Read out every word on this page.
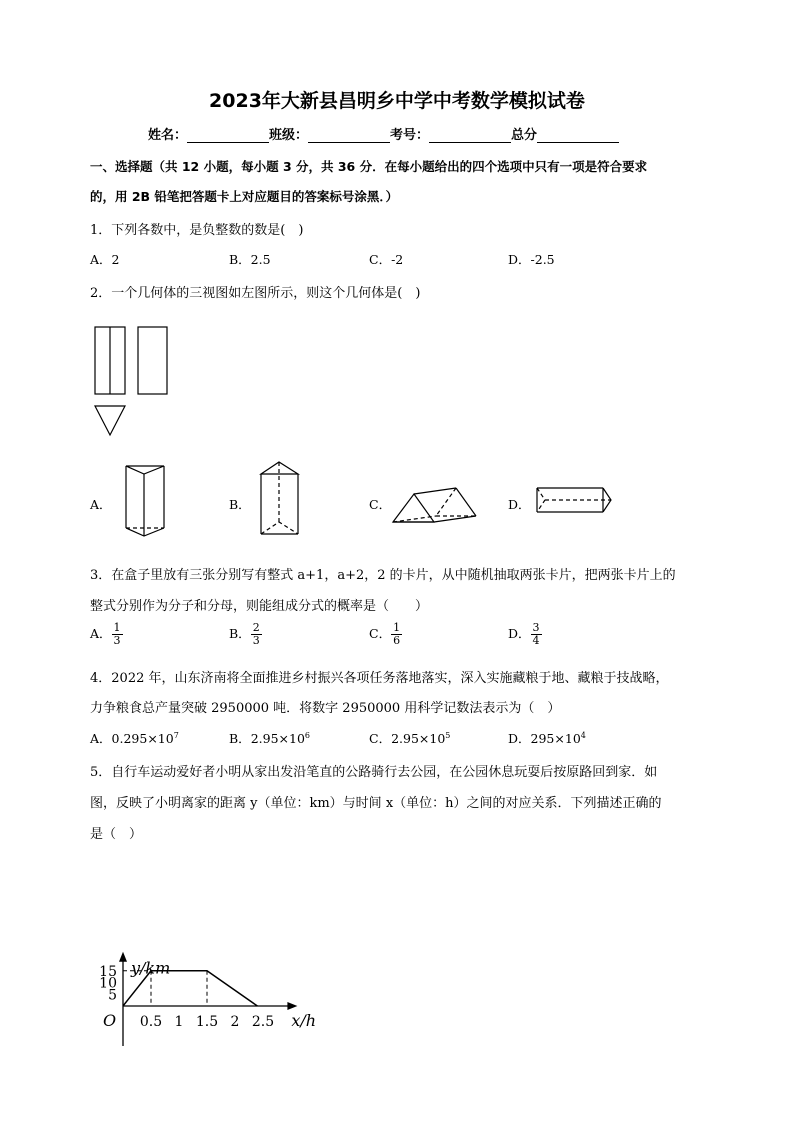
2023年大新县昌明乡中学中考数学模拟试卷
姓名：	班级：	考号：	总分
一、选择题（共 12 小题，每小题 3 分，共 36 分．在每小题给出的四个选项中只有一项是符合要求
的，用 2B 铅笔把答题卡上对应题目的答案标号涂黑．）
1．下列各数中，是负整数的数是(　)
A．2	B．2.5	C．-2	D．-2.5
2．一个几何体的三视图如左图所示，则这个几何体是(　)
A．	B．	C．	D．
3．在盒子里放有三张分别写有整式 a+1，a+2，2 的卡片，从中随机抽取两张卡片，把两张卡片上的
整式分别作为分子和分母，则能组成分式的概率是（　　）
A． $\frac{1}{3}$	B． $\frac{2}{3}$	C． $\frac{1}{6}$	D． $\frac{3}{4}$
4．2022 年，山东济南将全面推进乡村振兴各项任务落地落实，深入实施藏粮于地、藏粮于技战略，
力争粮食总产量突破 2950000 吨．将数字 2950000 用科学记数法表示为（　）
A．$0.295\times 10^7$	B．$2.95\times 10^6$	C．$2.95\times 10^5$	D．$295\times 10^4$
5．自行车运动爱好者小明从家出发沿笔直的公路骑行去公园，在公园休息玩耍后按原路回到家．如
图，反映了小明离家的距离 y（单位：km）与时间 x（单位：h）之间的对应关系．下列描述正确的
是（　）
x/h
y/km
O 0.5 1 1.5 2 2.5
5
10
15
